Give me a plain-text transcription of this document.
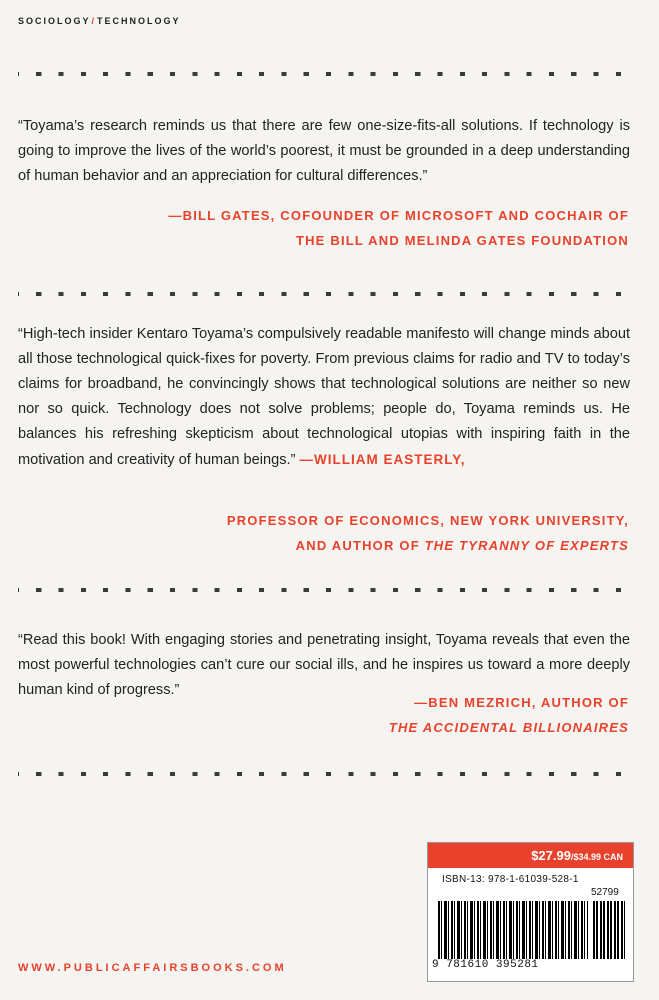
SOCIOLOGY/TECHNOLOGY
“Toyama’s research reminds us that there are few one-size-fits-all solutions. If technology is going to improve the lives of the world’s poorest, it must be grounded in a deep understanding of human behavior and an appreciation for cultural differences.”
—BILL GATES, COFOUNDER OF MICROSOFT AND COCHAIR OF
THE BILL AND MELINDA GATES FOUNDATION
“High-tech insider Kentaro Toyama’s compulsively readable manifesto will change minds about all those technological quick-fixes for poverty. From previous claims for radio and TV to today’s claims for broadband, he convincingly shows that technological solutions are neither so new nor so quick. Technology does not solve problems; people do, Toyama reminds us. He balances his refreshing skepticism about technological utopias with inspiring faith in the motivation and creativity of human beings.” —WILLIAM EASTERLY,
PROFESSOR OF ECONOMICS, NEW YORK UNIVERSITY,
AND AUTHOR OF THE TYRANNY OF EXPERTS
“Read this book! With engaging stories and penetrating insight, Toyama reveals that even the most powerful technologies can’t cure our social ills, and he inspires us toward a more deeply human kind of progress.”
—BEN MEZRICH, AUTHOR OF
THE ACCIDENTAL BILLIONAIRES
$27.99/$34.99 CAN
ISBN-13: 978-1-61039-528-1
52799
9 781610 395281
WWW.PUBLICAFFAIRSBOOKS.COM
